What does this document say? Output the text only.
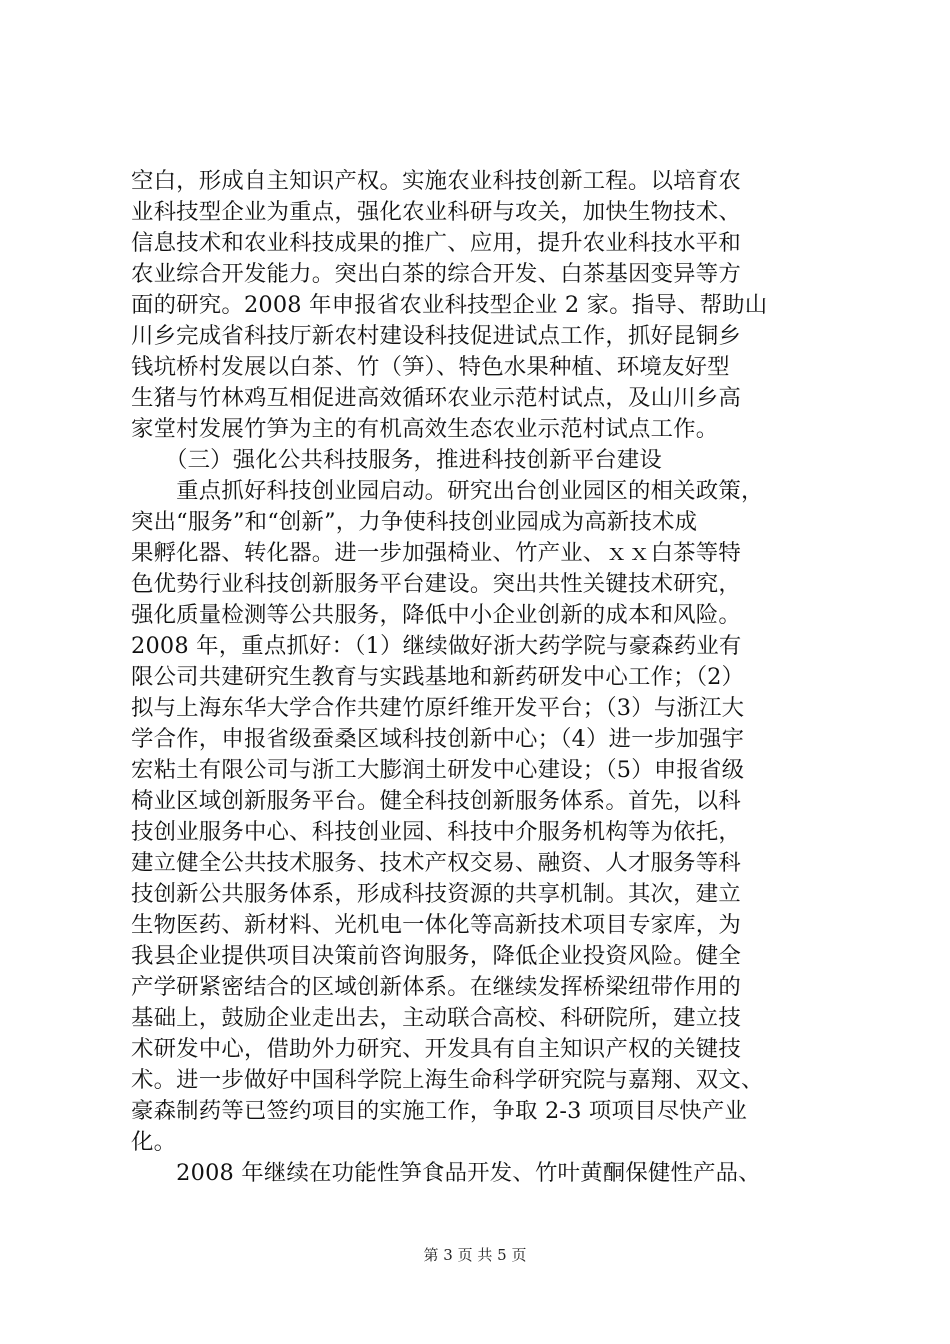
空白，形成自主知识产权。实施农业科技创新工程。以培育农
业科技型企业为重点，强化农业科研与攻关，加快生物技术、
信息技术和农业科技成果的推广、应用，提升农业科技水平和
农业综合开发能力。突出白茶的综合开发、白茶基因变异等方
面的研究。2008 年申报省农业科技型企业 2 家。指导、帮助山
川乡完成省科技厅新农村建设科技促进试点工作，抓好昆铜乡
钱坑桥村发展以白茶、竹（笋）、特色水果种植、环境友好型
生猪与竹林鸡互相促进高效循环农业示范村试点，及山川乡高
家堂村发展竹笋为主的有机高效生态农业示范村试点工作。
　　（三）强化公共科技服务，推进科技创新平台建设
　　重点抓好科技创业园启动。研究出台创业园区的相关政策，
突出“服务”和“创新”，力争使科技创业园成为高新技术成
果孵化器、转化器。进一步加强椅业、竹产业、ｘｘ白茶等特
色优势行业科技创新服务平台建设。突出共性关键技术研究，
强化质量检测等公共服务，降低中小企业创新的成本和风险。
2008 年，重点抓好：（1）继续做好浙大药学院与豪森药业有
限公司共建研究生教育与实践基地和新药研发中心工作；（2）
拟与上海东华大学合作共建竹原纤维开发平台；（3）与浙江大
学合作，申报省级蚕桑区域科技创新中心；（4）进一步加强宇
宏粘土有限公司与浙工大膨润土研发中心建设；（5）申报省级
椅业区域创新服务平台。健全科技创新服务体系。首先，以科
技创业服务中心、科技创业园、科技中介服务机构等为依托，
建立健全公共技术服务、技术产权交易、融资、人才服务等科
技创新公共服务体系，形成科技资源的共享机制。其次，建立
生物医药、新材料、光机电一体化等高新技术项目专家库，为
我县企业提供项目决策前咨询服务，降低企业投资风险。健全
产学研紧密结合的区域创新体系。在继续发挥桥梁纽带作用的
基础上，鼓励企业走出去，主动联合高校、科研院所，建立技
术研发中心，借助外力研究、开发具有自主知识产权的关键技
术。进一步做好中国科学院上海生命科学研究院与嘉翔、双文、
豪森制药等已签约项目的实施工作，争取 2-3 项项目尽快产业
化。
　　2008 年继续在功能性笋食品开发、竹叶黄酮保健性产品、
第 3 页 共 5 页
